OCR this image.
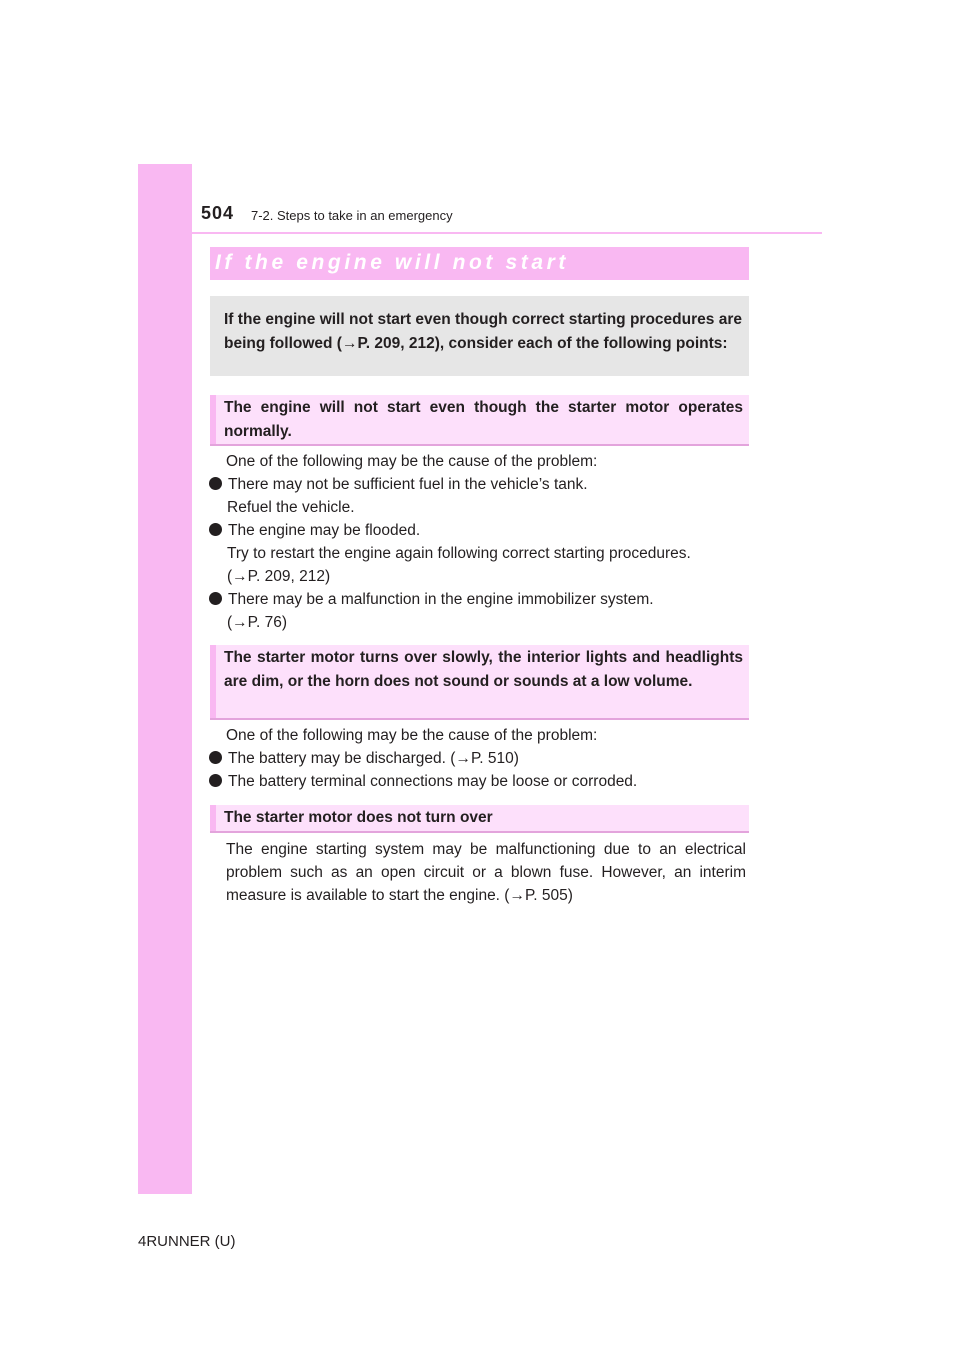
504 7-2. Steps to take in an emergency
If the engine will not start
If the engine will not start even though correct starting procedures are being followed (→P. 209, 212), consider each of the following points:
The engine will not start even though the starter motor operates normally.
One of the following may be the cause of the problem:
There may not be sufficient fuel in the vehicle’s tank.
Refuel the vehicle.
The engine may be flooded.
Try to restart the engine again following correct starting procedures.
(→P. 209, 212)
There may be a malfunction in the engine immobilizer system.
(→P. 76)
The starter motor turns over slowly, the interior lights and headlights are dim, or the horn does not sound or sounds at a low volume.
One of the following may be the cause of the problem:
The battery may be discharged. (→P. 510)
The battery terminal connections may be loose or corroded.
The starter motor does not turn over
The engine starting system may be malfunctioning due to an electrical problem such as an open circuit or a blown fuse. However, an interim measure is available to start the engine. (→P. 505)
4RUNNER (U)
